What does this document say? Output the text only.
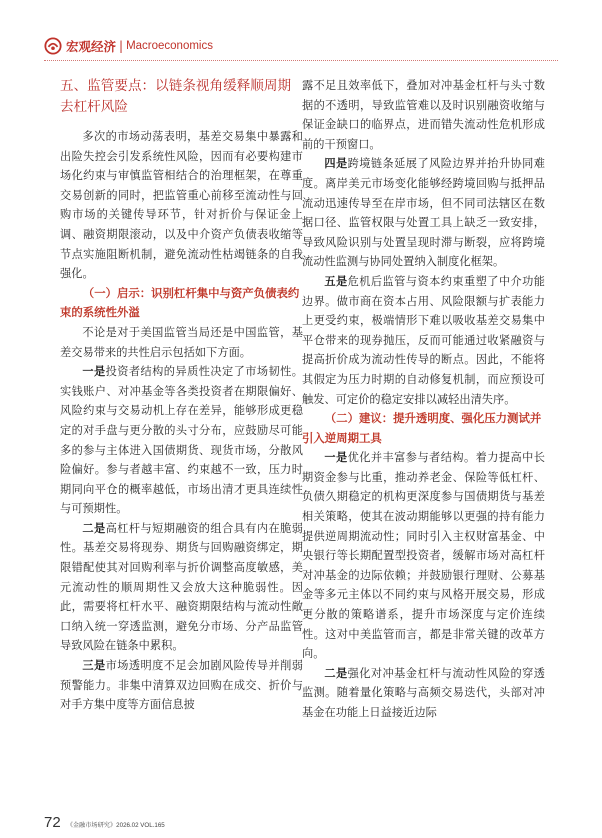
宏观经济 | Macroeconomics
五、监管要点：以链条视角缓释顺周期去杠杆风险

多次的市场动荡表明，基差交易集中暴露和出险失控会引发系统性风险，因而有必要构建市场化约束与审慎监管相结合的治理框架，在尊重交易创新的同时，把监管重心前移至流动性与回购市场的关键传导环节，针对折价与保证金上调、融资期限滚动，以及中介资产负债表收缩等节点实施阻断机制，避免流动性枯竭链条的自我强化。

（一）启示：识别杠杆集中与资产负债表约束的系统性外溢

不论是对于美国监管当局还是中国监管，基差交易带来的共性启示包括如下方面。

一是投资者结构的异质性决定了市场韧性。实钱账户、对冲基金等各类投资者在期限偏好、风险约束与交易动机上存在差异，能够形成更稳定的对手盘与更分散的头寸分布，应鼓励尽可能多的参与主体进入国债期货、现货市场，分散风险偏好。参与者越丰富、约束越不一致，压力时期同向平仓的概率越低，市场出清才更具连续性与可预期性。

二是高杠杆与短期融资的组合具有内在脆弱性。基差交易将现券、期货与回购融资绑定，期限错配使其对回购利率与折价调整高度敏感，美元流动性的顺周期性又会放大这种脆弱性。因此，需要将杠杆水平、融资期限结构与流动性敞口纳入统一穿透监测，避免分市场、分产品监管导致风险在链条中累积。

三是市场透明度不足会加剧风险传导并削弱预警能力。非集中清算双边回购在成交、折价与对手方集中度等方面信息披

露不足且效率低下，叠加对冲基金杠杆与头寸数据的不透明，导致监管难以及时识别融资收缩与保证金缺口的临界点，进而错失流动性危机形成前的干预窗口。

四是跨境链条延展了风险边界并抬升协同难度。离岸美元市场变化能够经跨境回购与抵押品流动迅速传导至在岸市场，但不同司法辖区在数据口径、监管权限与处置工具上缺乏一致安排，导致风险识别与处置呈现时滞与断裂，应将跨境流动性监测与协同处置纳入制度化框架。

五是危机后监管与资本约束重塑了中介功能边界。做市商在资本占用、风险限额与扩表能力上更受约束，极端情形下难以吸收基差交易集中平仓带来的现券抛压，反而可能通过收紧融资与提高折价成为流动性传导的断点。因此，不能将其假定为压力时期的自动修复机制，而应预设可触发、可定价的稳定安排以减轻出清失序。

（二）建议：提升透明度、强化压力测试并引入逆周期工具

一是优化并丰富参与者结构。着力提高中长期资金参与比重，推动养老金、保险等低杠杆、负债久期稳定的机构更深度参与国债期货与基差相关策略，使其在波动期能够以更强的持有能力提供逆周期流动性；同时引入主权财富基金、中央银行等长期配置型投资者，缓解市场对高杠杆对冲基金的边际依赖；并鼓励银行理财、公募基金等多元主体以不同约束与风格开展交易，形成更分散的策略谱系，提升市场深度与定价连续性。这对中美监管而言，都是非常关键的改革方向。

二是强化对冲基金杠杆与流动性风险的穿透监测。随着量化策略与高频交易迭代，头部对冲基金在功能上日益接近边际

72 《金融市场研究》2026.02 VOL.165
